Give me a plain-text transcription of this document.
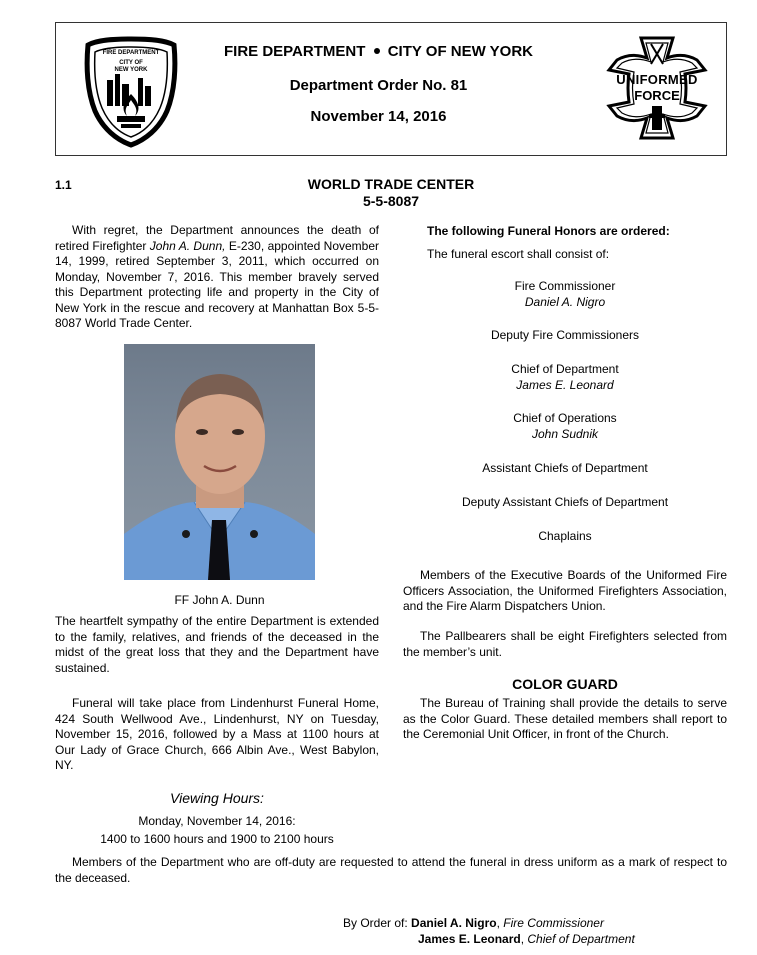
FIRE DEPARTMENT
CITY OF NEW YORK
FIRE DEPARTMENT CITY OF NEW YORK
Department Order No. 81
November 14, 2016
UNIFORMED
FORCE
1.1	WORLD TRADE CENTER
5-5-8087
With regret, the Department announces the death of retired Firefighter John A. Dunn, E-230, appointed November 14, 1999, retired September 3, 2011, which occurred on Monday, November 7, 2016. This member bravely served this Department protecting life and property in the City of New York in the rescue and recovery at Manhattan Box 5-5-8087 World Trade Center.
FF John A. Dunn
The heartfelt sympathy of the entire Department is extended to the family, relatives, and friends of the deceased in the midst of the great loss that they and the Department have sustained.
Funeral will take place from Lindenhurst Funeral Home, 424 South Wellwood Ave., Lindenhurst, NY on Tuesday, November 15, 2016, followed by a Mass at 1100 hours at Our Lady of Grace Church, 666 Albin Ave., West Babylon, NY.
Viewing Hours:
Monday, November 14, 2016:
1400 to 1600 hours and 1900 to 2100 hours
The following Funeral Honors are ordered:
The funeral escort shall consist of:
Fire Commissioner
Daniel A. Nigro
Deputy Fire Commissioners
Chief of Department
James E. Leonard
Chief of Operations
John Sudnik
Assistant Chiefs of Department
Deputy Assistant Chiefs of Department
Chaplains
Members of the Executive Boards of the Uniformed Fire Officers Association, the Uniformed Firefighters Association, and the Fire Alarm Dispatchers Union.
The Pallbearers shall be eight Firefighters selected from the member’s unit.
COLOR GUARD
The Bureau of Training shall provide the details to serve as the Color Guard. These detailed members shall report to the Ceremonial Unit Officer, in front of the Church.
Members of the Department who are off-duty are requested to attend the funeral in dress uniform as a mark of respect to the deceased.
By Order of: Daniel A. Nigro, Fire Commissioner
James E. Leonard, Chief of Department
